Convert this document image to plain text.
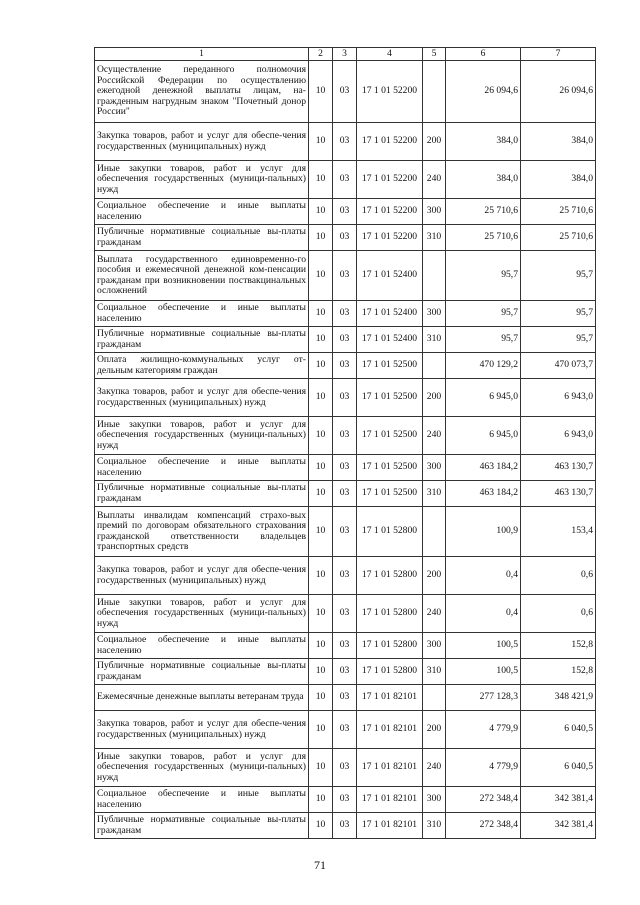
1	2	3	4	5	6	7
Осуществление переданного полномочия Российской Федерации по осуществлению ежегодной денежной выплаты лицам, на-гражденным нагрудным знаком "Почетный донор России"	10	03	17 1 01 52200		26 094,6	26 094,6
Закупка товаров, работ и услуг для обеспе-чения государственных (муниципальных) нужд	10	03	17 1 01 52200	200	384,0	384,0
Иные закупки товаров, работ и услуг для обеспечения государственных (муници-пальных) нужд	10	03	17 1 01 52200	240	384,0	384,0
Социальное обеспечение и иные выплаты населению	10	03	17 1 01 52200	300	25 710,6	25 710,6
Публичные нормативные социальные вы-платы гражданам	10	03	17 1 01 52200	310	25 710,6	25 710,6
Выплата государственного единовременно-го пособия и ежемесячной денежной ком-пенсации гражданам при возникновении поствакцинальных осложнений	10	03	17 1 01 52400		95,7	95,7
Социальное обеспечение и иные выплаты населению	10	03	17 1 01 52400	300	95,7	95,7
Публичные нормативные социальные вы-платы гражданам	10	03	17 1 01 52400	310	95,7	95,7
Оплата жилищно-коммунальных услуг от-дельным категориям граждан	10	03	17 1 01 52500		470 129,2	470 073,7
Закупка товаров, работ и услуг для обеспе-чения государственных (муниципальных) нужд	10	03	17 1 01 52500	200	6 945,0	6 943,0
Иные закупки товаров, работ и услуг для обеспечения государственных (муници-пальных) нужд	10	03	17 1 01 52500	240	6 945,0	6 943,0
Социальное обеспечение и иные выплаты населению	10	03	17 1 01 52500	300	463 184,2	463 130,7
Публичные нормативные социальные вы-платы гражданам	10	03	17 1 01 52500	310	463 184,2	463 130,7
Выплаты инвалидам компенсаций страхо-вых премий по договорам обязательного страхования гражданской ответственности владельцев транспортных средств	10	03	17 1 01 52800		100,9	153,4
Закупка товаров, работ и услуг для обеспе-чения государственных (муниципальных) нужд	10	03	17 1 01 52800	200	0,4	0,6
Иные закупки товаров, работ и услуг для обеспечения государственных (муници-пальных) нужд	10	03	17 1 01 52800	240	0,4	0,6
Социальное обеспечение и иные выплаты населению	10	03	17 1 01 52800	300	100,5	152,8
Публичные нормативные социальные вы-платы гражданам	10	03	17 1 01 52800	310	100,5	152,8
Ежемесячные денежные выплаты ветеранам труда	10	03	17 1 01 82101		277 128,3	348 421,9
Закупка товаров, работ и услуг для обеспе-чения государственных (муниципальных) нужд	10	03	17 1 01 82101	200	4 779,9	6 040,5
Иные закупки товаров, работ и услуг для обеспечения государственных (муници-пальных) нужд	10	03	17 1 01 82101	240	4 779,9	6 040,5
Социальное обеспечение и иные выплаты населению	10	03	17 1 01 82101	300	272 348,4	342 381,4
Публичные нормативные социальные вы-платы гражданам	10	03	17 1 01 82101	310	272 348,4	342 381,4
71
